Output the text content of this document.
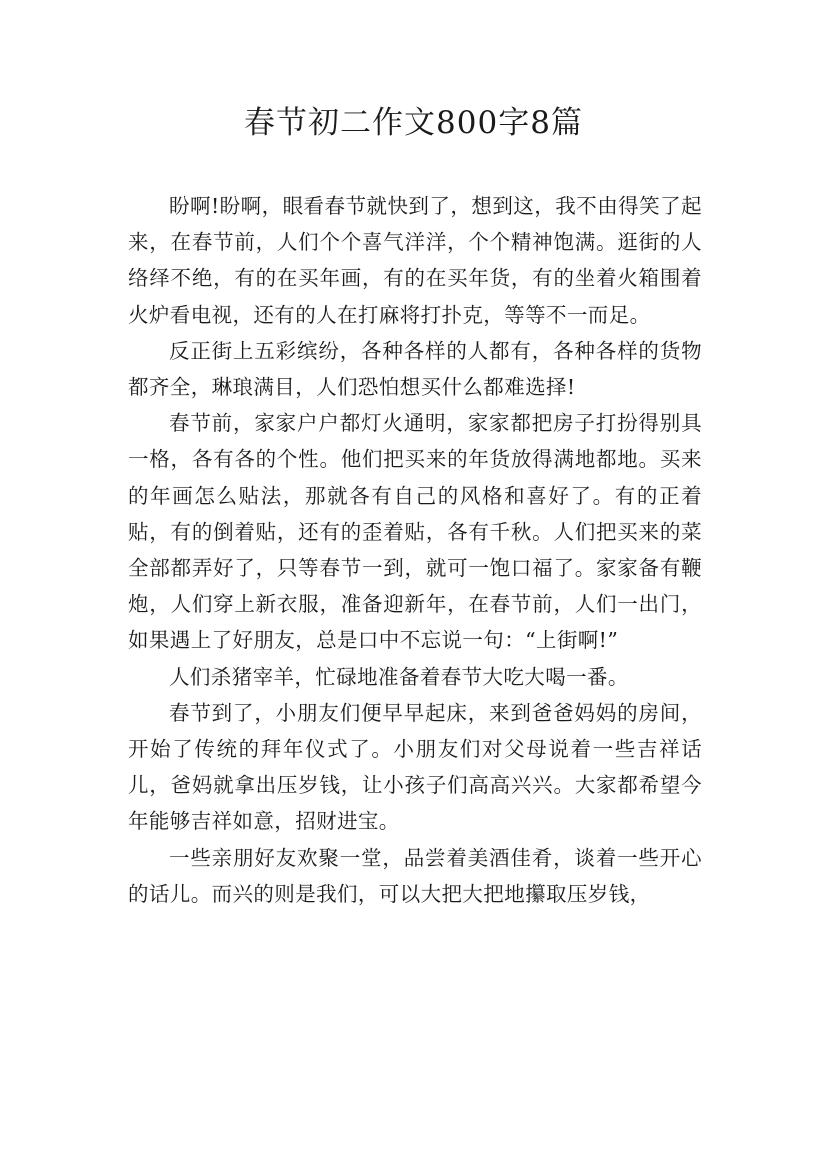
春节初二作文800字8篇

盼啊!盼啊，眼看春节就快到了，想到这，我不由得笑了起来，在春节前，人们个个喜气洋洋，个个精神饱满。逛街的人络绎不绝，有的在买年画，有的在买年货，有的坐着火箱围着火炉看电视，还有的人在打麻将打扑克，等等不一而足。

反正街上五彩缤纷，各种各样的人都有，各种各样的货物都齐全，琳琅满目，人们恐怕想买什么都难选择!

春节前，家家户户都灯火通明，家家都把房子打扮得别具一格，各有各的个性。他们把买来的年货放得满地都地。买来的年画怎么贴法，那就各有自己的风格和喜好了。有的正着贴，有的倒着贴，还有的歪着贴，各有千秋。人们把买来的菜全部都弄好了，只等春节一到，就可一饱口福了。家家备有鞭炮，人们穿上新衣服，准备迎新年，在春节前，人们一出门，如果遇上了好朋友，总是口中不忘说一句：“上街啊!”

人们杀猪宰羊，忙碌地准备着春节大吃大喝一番。

春节到了，小朋友们便早早起床，来到爸爸妈妈的房间，开始了传统的拜年仪式了。小朋友们对父母说着一些吉祥话儿，爸妈就拿出压岁钱，让小孩子们高高兴兴。大家都希望今年能够吉祥如意，招财进宝。

一些亲朋好友欢聚一堂，品尝着美酒佳肴，谈着一些开心的话儿。而兴的则是我们，可以大把大把地攥取压岁钱，
